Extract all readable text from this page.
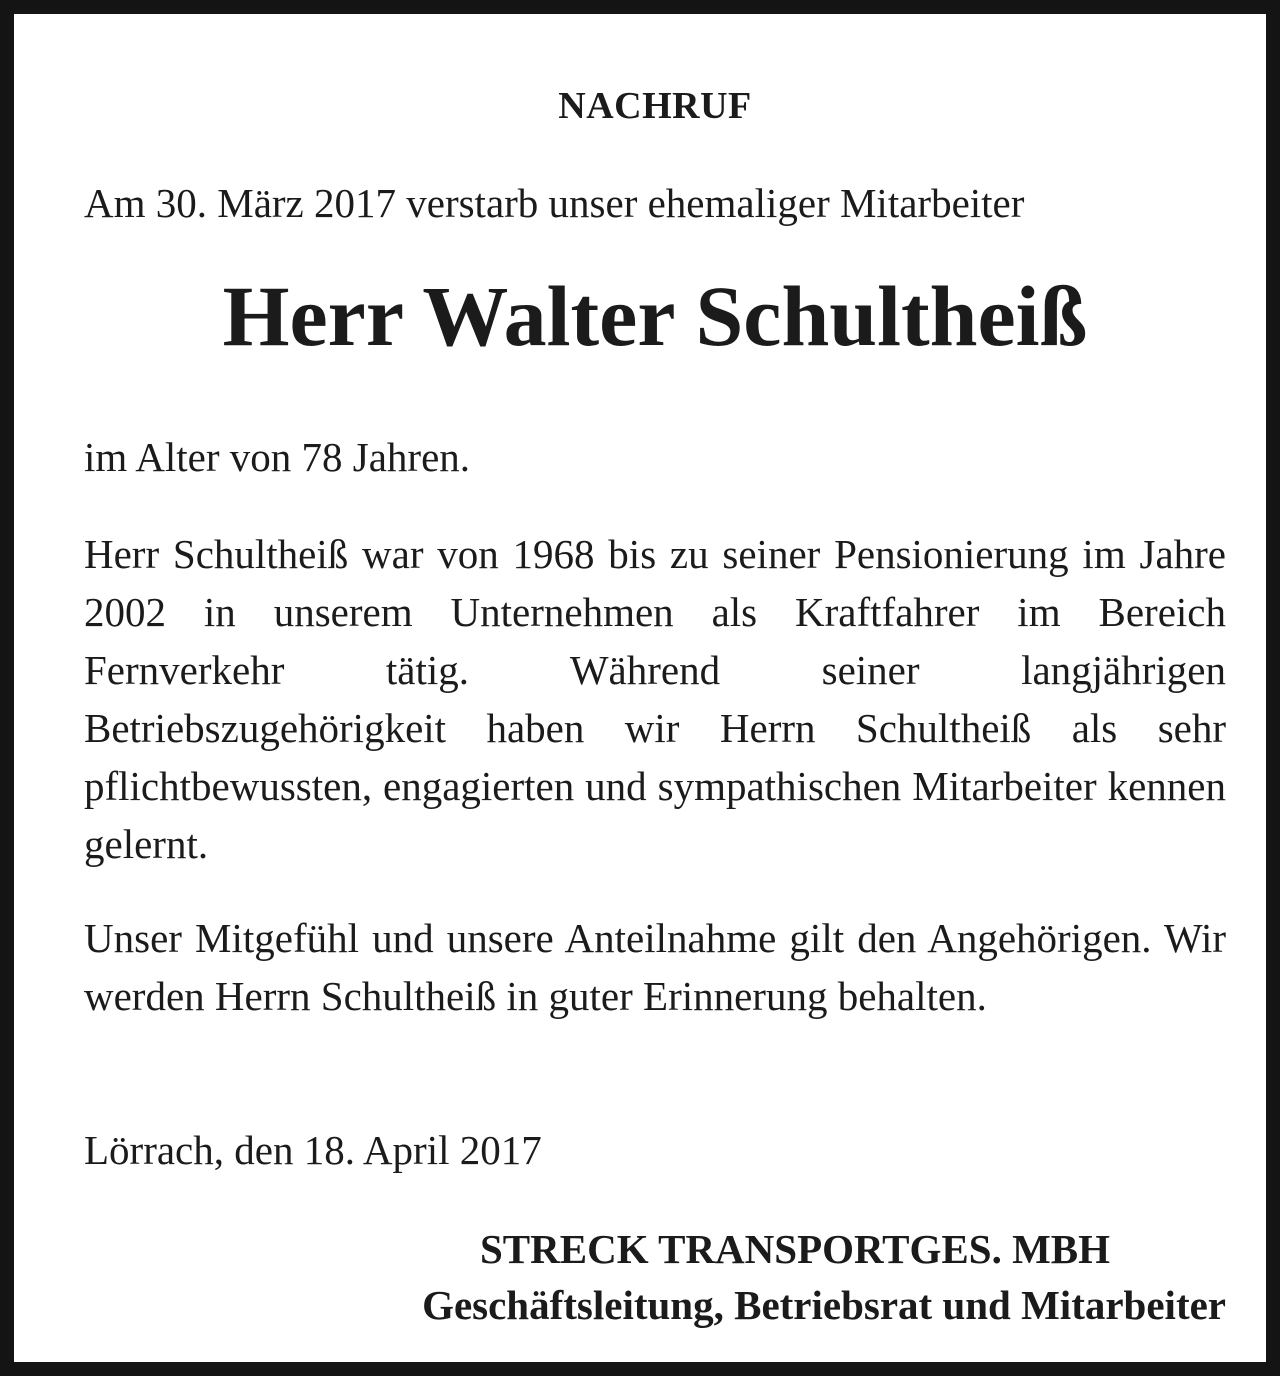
NACHRUF
Am 30. März 2017 verstarb unser ehemaliger Mitarbeiter
Herr Walter Schultheiß
im Alter von 78 Jahren.
Herr Schultheiß war von 1968 bis zu seiner Pensionierung im Jahre 2002 in unserem Unternehmen als Kraftfahrer im Bereich Fernverkehr tätig. Während seiner langjährigen Betriebszugehörigkeit haben wir Herrn Schultheiß als sehr pflichtbewussten, engagierten und sympathischen Mitarbeiter kennen gelernt.
Unser Mitgefühl und unsere Anteilnahme gilt den Angehörigen. Wir werden Herrn Schultheiß in guter Erinnerung behalten.
Lörrach, den 18. April 2017
STRECK TRANSPORTGES. MBH
Geschäftsleitung, Betriebsrat und Mitarbeiter
